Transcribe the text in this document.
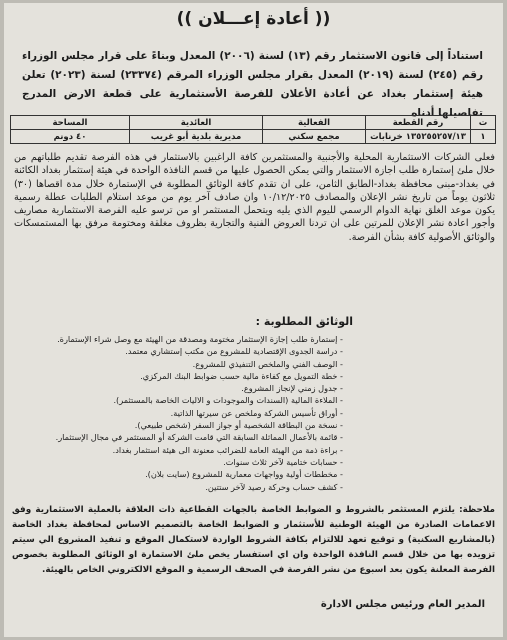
(( أعادة إعـــلان ))
استناداً إلى قانون الاستثمار رقم (١٣) لسنة (٢٠٠٦) المعدل وبناءً على قرار مجلس الوزراء رقم (٢٤٥) لسنة (٢٠١٩) المعدل بقرار مجلس الوزراء المرقم (٢٣٣٧٤) لسنة (٢٠٢٣) تعلن هيئة إستثمار بغداد عن أعادة الأعلان للفرصة الأستثمارية على قطعة الارض المدرج تفاصيلها أدناه
ت	رقم القطعة	الفعالية	العائدية	المساحة
١	١٣٥٢٥٥٢٥٧/١٣ خرنابات	مجمع سكني	مديرية بلدية أبو غريب	٤٠ دونم
فعلى الشركات الاستثمارية المحلية والأجنبية والمستثمرين كافة الراغبين بالاستثمار في هذه الفرصة تقديم طلباتهم من خلال ملئ إستمارة طلب اجازة الاستثمار والتي يمكن الحصول عليها من قسم النافذة الواحدة في هيئة إستثمار بغداد الكائنة في بغداد-مبنى محافظة بغداد-الطابق الثامن، على ان تقدم كافة الوثائق المطلوبة في الإستمارة خلال مدة اقصاها (٣٠) ثلاثون يوماً من تاريخ نشر الإعلان والمصادف ١٠/١٢/٢٠٢٥ وان صادف آخر يوم من موعد استلام الطلبات عطلة رسمية يكون موعد الغلق نهاية الدوام الرسمي لليوم الذي يليه ويتحمل المستثمر او من ترسو عليه الفرصة الاستثمارية مصاريف وأجور اعادة نشر الإعلان للمرتين على ان تردنا العروض الفنية والتجارية بظروف مغلقة ومختومة مرفق بها المستمسكات والوثائق الأصولية كافة بشأن الفرصة.
الوثائق المطلوبة :
- إستمارة طلب إجازة الإستثمار مختومة ومصدقة من الهيئة مع وصل شراء الإستمارة.
- دراسة الجدوى الإقتصادية للمشروع من مكتب إستشاري معتمد.
- الوصف الفني والملخص التنفيذي للمشروع.
- خطة التمويل مع كفاءة مالية حسب ضوابط البنك المركزي.
- جدول زمني لإنجاز المشروع.
- الملاءة المالية (السندات والموجودات و الاليات الخاصة بالمستثمر).
- أوراق تأسيس الشركة وملخص عن سيرتها الذاتية.
- نسخة من البطاقة الشخصية أو جواز السفر (شخص طبيعي).
- قائمة بالأعمال المماثلة السابقة التي قامت الشركة أو المستثمر في مجال الإستثمار.
- براءة ذمة من الهيئة العامة للضرائب معنونة الى هيئة استثمار بغداد.
- حسابات ختامية لآخر ثلاث سنوات.
- مخططات أولية وواجهات معمارية للمشروع (سايت بلان).
- كشف حساب وحركة رصيد لآخر ستتين.
ملاحظة: يلتزم المستثمر بالشروط و الضوابط الخاصة بالجهات القطاعية ذات العلاقة بالعملية الاستثمارية وفق الاعمامات الصادرة من الهيئة الوطنية للأستثمار و الضوابط الخاصة بالتصميم الاساس لمحافظة بغداد الخاصة (بالمشاريع السكنية) و توقيع تعهد للالتزام بكافة الشروط الواردة لاستكمال الموقع و تنفيذ المشروع الي سيتم تزويده بها من خلال قسم النافذة الواحدة وان اي استفسار يخص ملئ الاستمارة او الوثائق المطلوبة بخصوص الفرصة المعلنة يكون بعد اسبوع من نشر الفرصة في الصحف الرسمية و الموقع الالكتروني الخاص بالهيئة.
المدير العام ورئيس مجلس الادارة
